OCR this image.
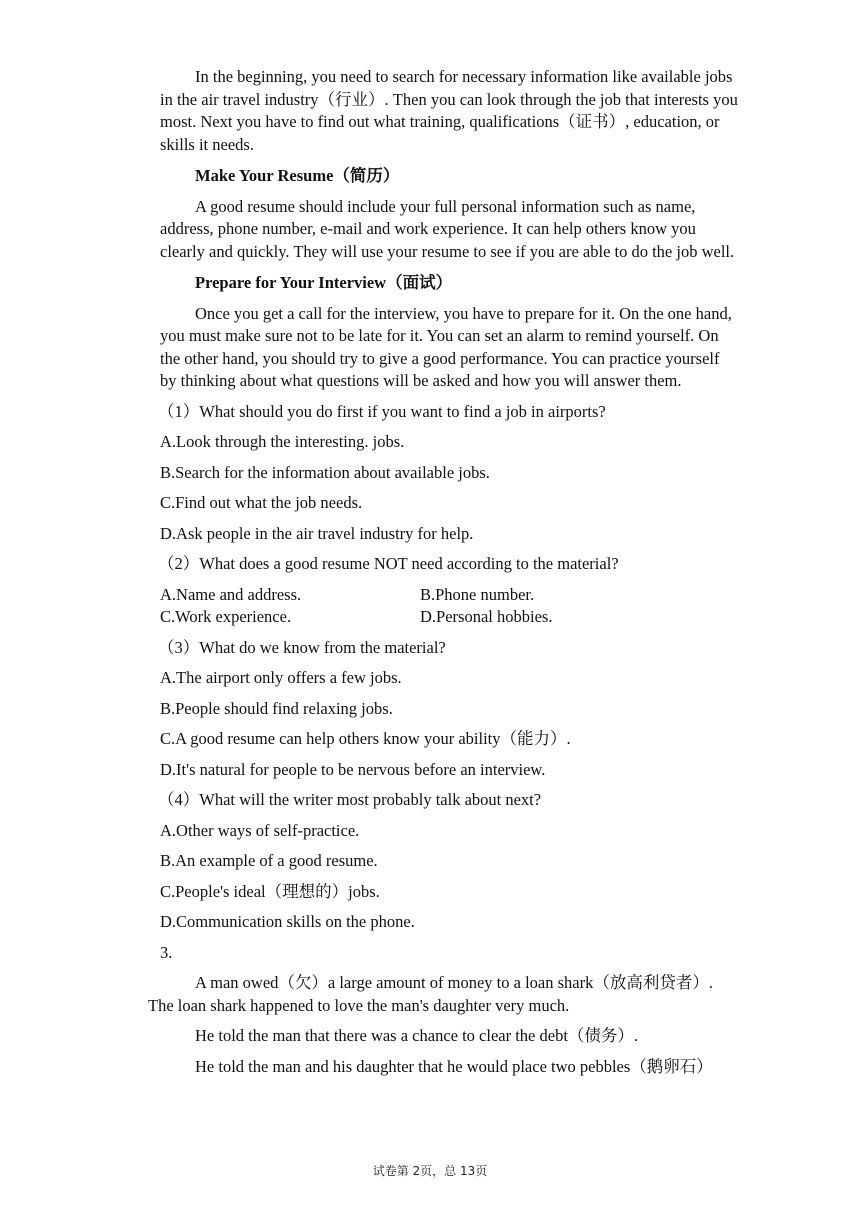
In the beginning, you need to search for necessary information like available jobs in the air travel industry（行业）. Then you can look through the job that interests you most. Next you have to find out what training, qualifications（证书）, education, or skills it needs.

Make Your Resume（简历）

A good resume should include your full personal information such as name, address, phone number, e-mail and work experience. It can help others know you clearly and quickly. They will use your resume to see if you are able to do the job well.

Prepare for Your Interview（面试）

Once you get a call for the interview, you have to prepare for it. On the one hand, you must make sure not to be late for it. You can set an alarm to remind yourself. On the other hand, you should try to give a good performance. You can practice yourself by thinking about what questions will be asked and how you will answer them.

（1）What should you do first if you want to find a job in airports?

A.Look through the interesting. jobs.

B.Search for the information about available jobs.

C.Find out what the job needs.

D.Ask people in the air travel industry for help.

（2）What does a good resume NOT need according to the material?

A.Name and address.	B.Phone number.
C.Work experience.	D.Personal hobbies.

（3）What do we know from the material?

A.The airport only offers a few jobs.

B.People should find relaxing jobs.

C.A good resume can help others know your ability（能力）.

D.It's natural for people to be nervous before an interview.

（4）What will the writer most probably talk about next?

A.Other ways of self-practice.

B.An example of a good resume.

C.People's ideal（理想的）jobs.

D.Communication skills on the phone.

3.

A man owed（欠）a large amount of money to a loan shark（放高利贷者）. The loan shark happened to love the man's daughter very much.

He told the man that there was a chance to clear the debt（债务）.

He told the man and his daughter that he would place two pebbles（鹅卵石）

试卷第 2页，总 13页
